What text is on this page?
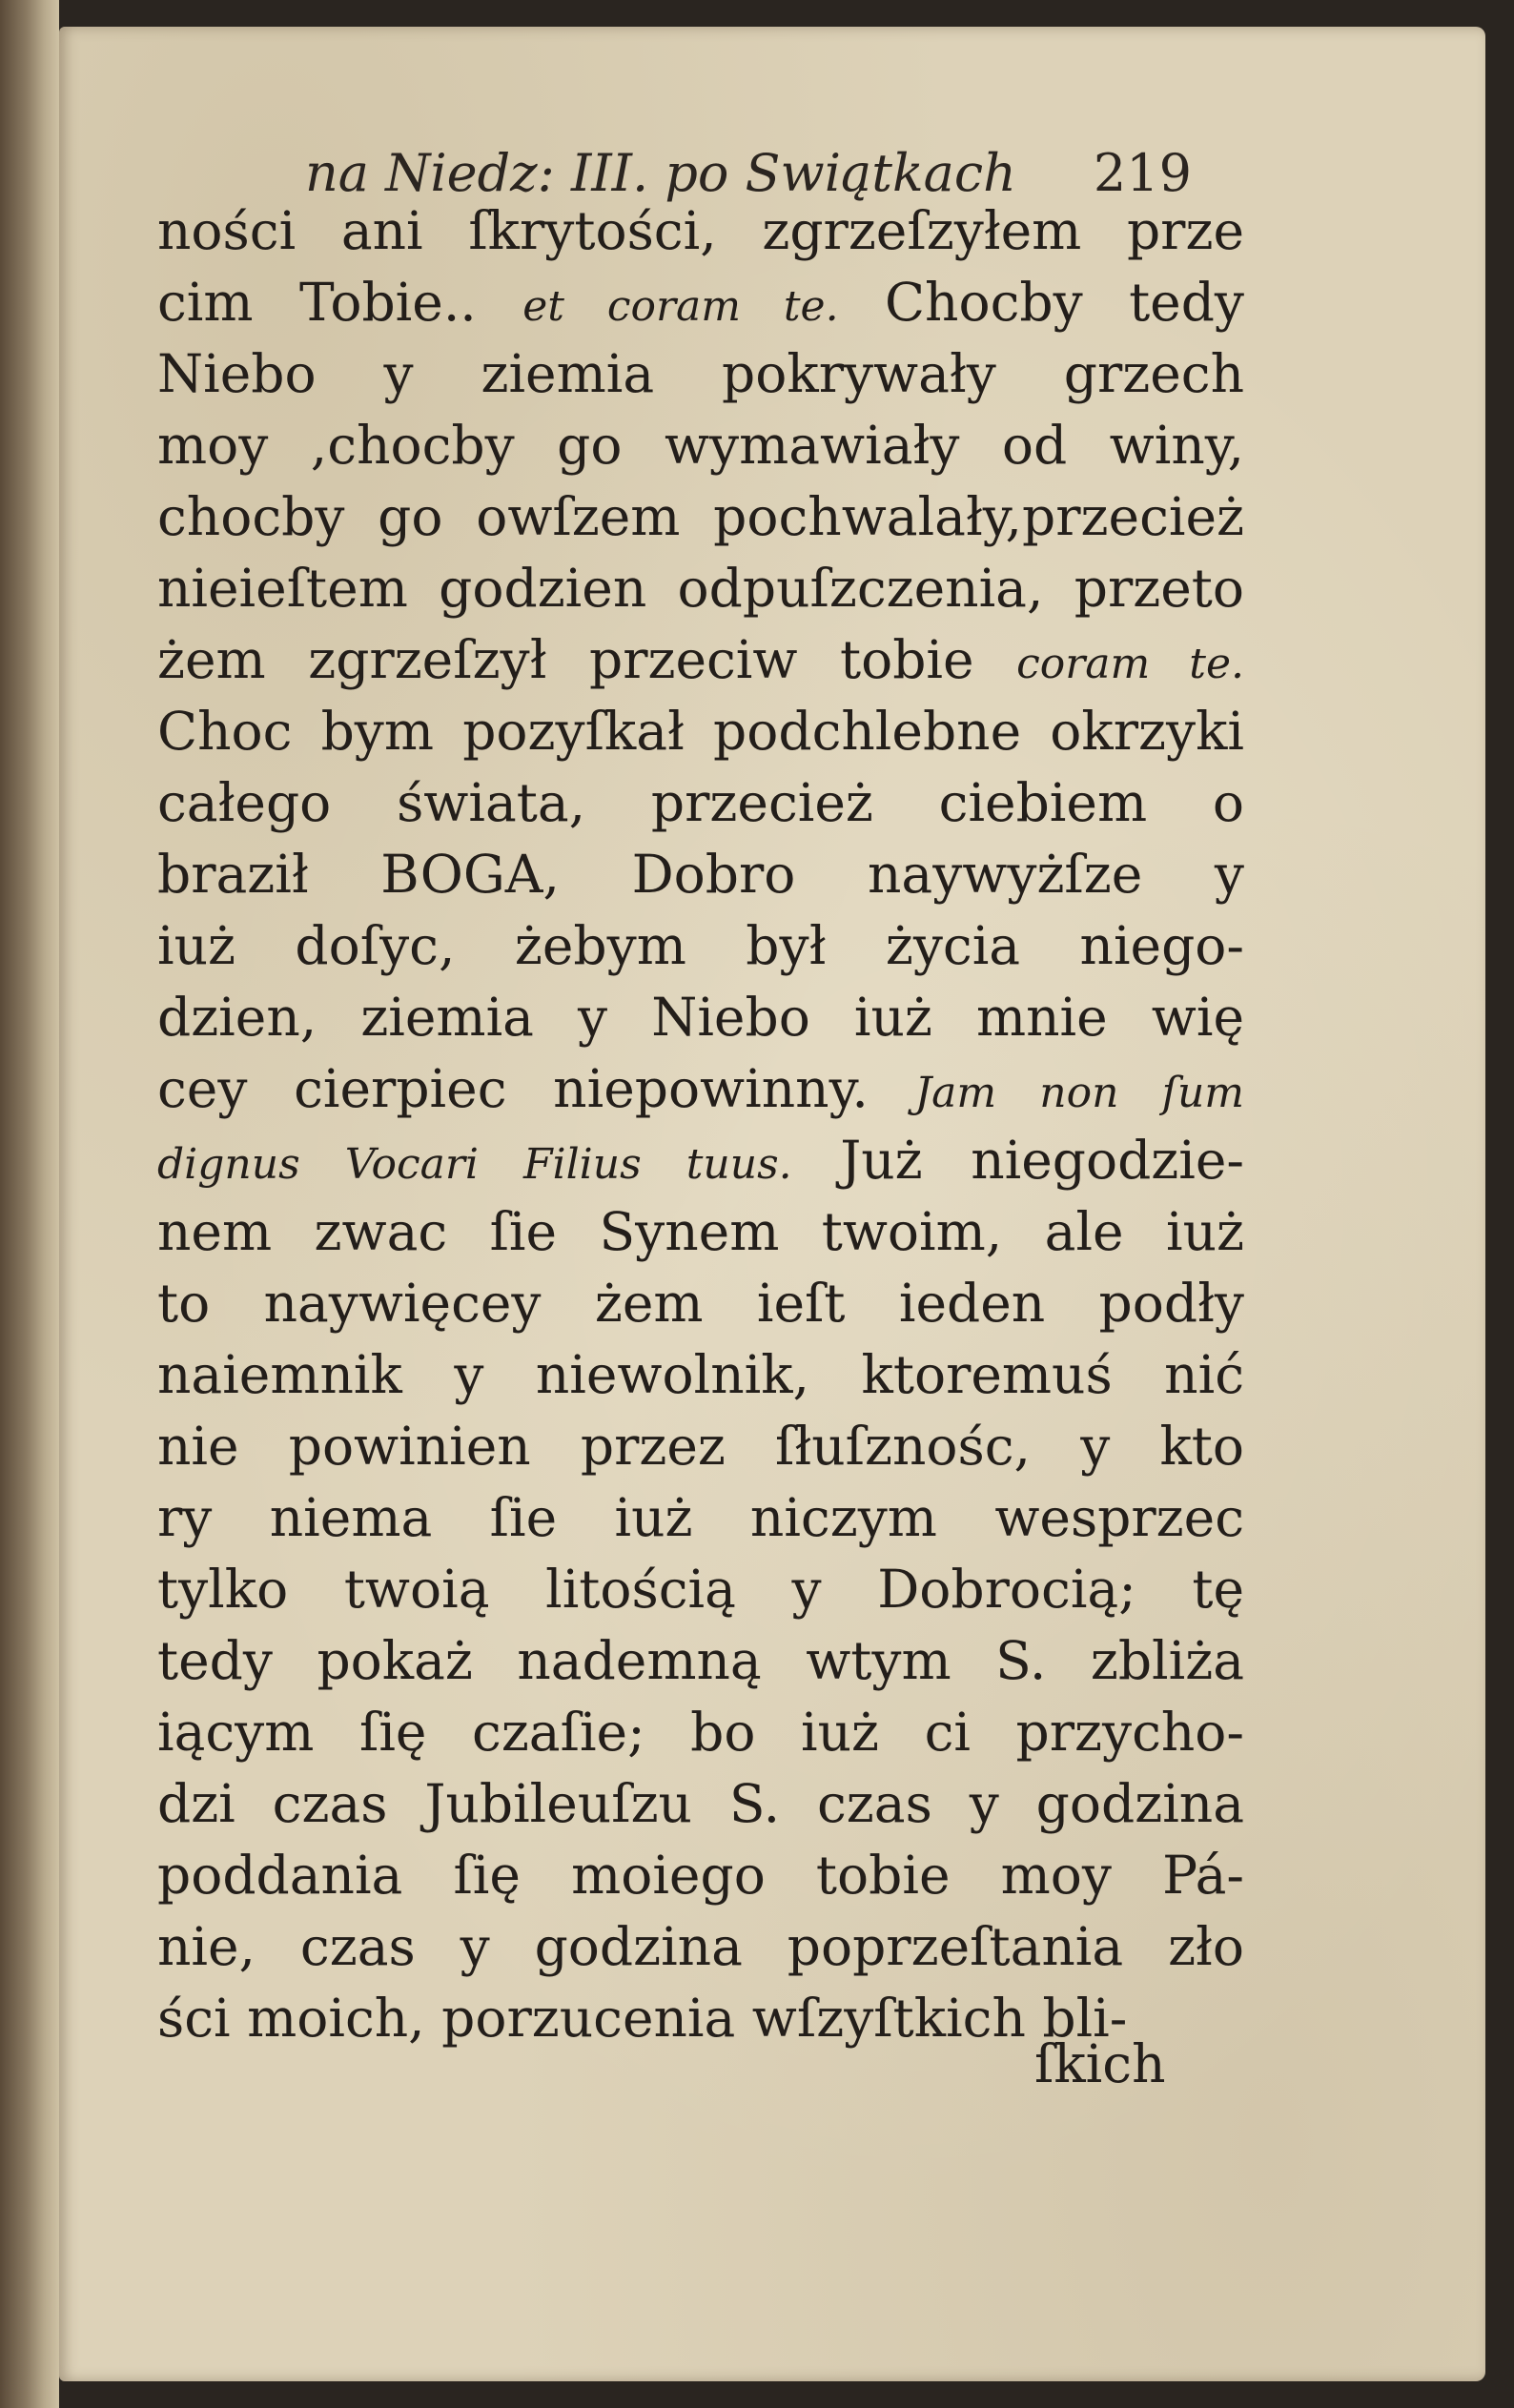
na Niedz: III. po Swiątkach 219
ności ani ſkrytości, zgrzeſzyłem prze
cim Tobie.. et coram te. Chocby tedy
Niebo y ziemia pokrywały grzech
moy ,chocby go wymawiały od winy,
chocby go owſzem pochwalały,przecież
nieieſtem godzien odpuſzczenia, przeto
żem zgrzeſzył przeciw tobie coram te.
Choc bym pozyſkał podchlebne okrzyki
całego świata, przecież ciebiem o
braził BOGA, Dobro naywyżſze y
iuż doſyc, żebym był życia niego-
dzien, ziemia y Niebo iuż mnie wię
cey cierpiec niepowinny. Jam non ſum
dignus Vocari Filius tuus. Już niegodzie-
nem zwac ſie Synem twoim, ale iuż
to naywięcey żem ieſt ieden podły
naiemnik y niewolnik, ktoremuś nić
nie powinien przez ſłuſznośc, y kto
ry niema ſie iuż niczym wesprzec
tylko twoią litością y Dobrocią; tę
tedy pokaż nademną wtym S. zbliża
iącym ſię czaſie; bo iuż ci przycho-
dzi czas Jubileuſzu S. czas y godzina
poddania ſię moiego tobie moy Pá-
nie, czas y godzina poprzeſtania zło
ści moich, porzucenia wſzyſtkich bli-
ſkich
